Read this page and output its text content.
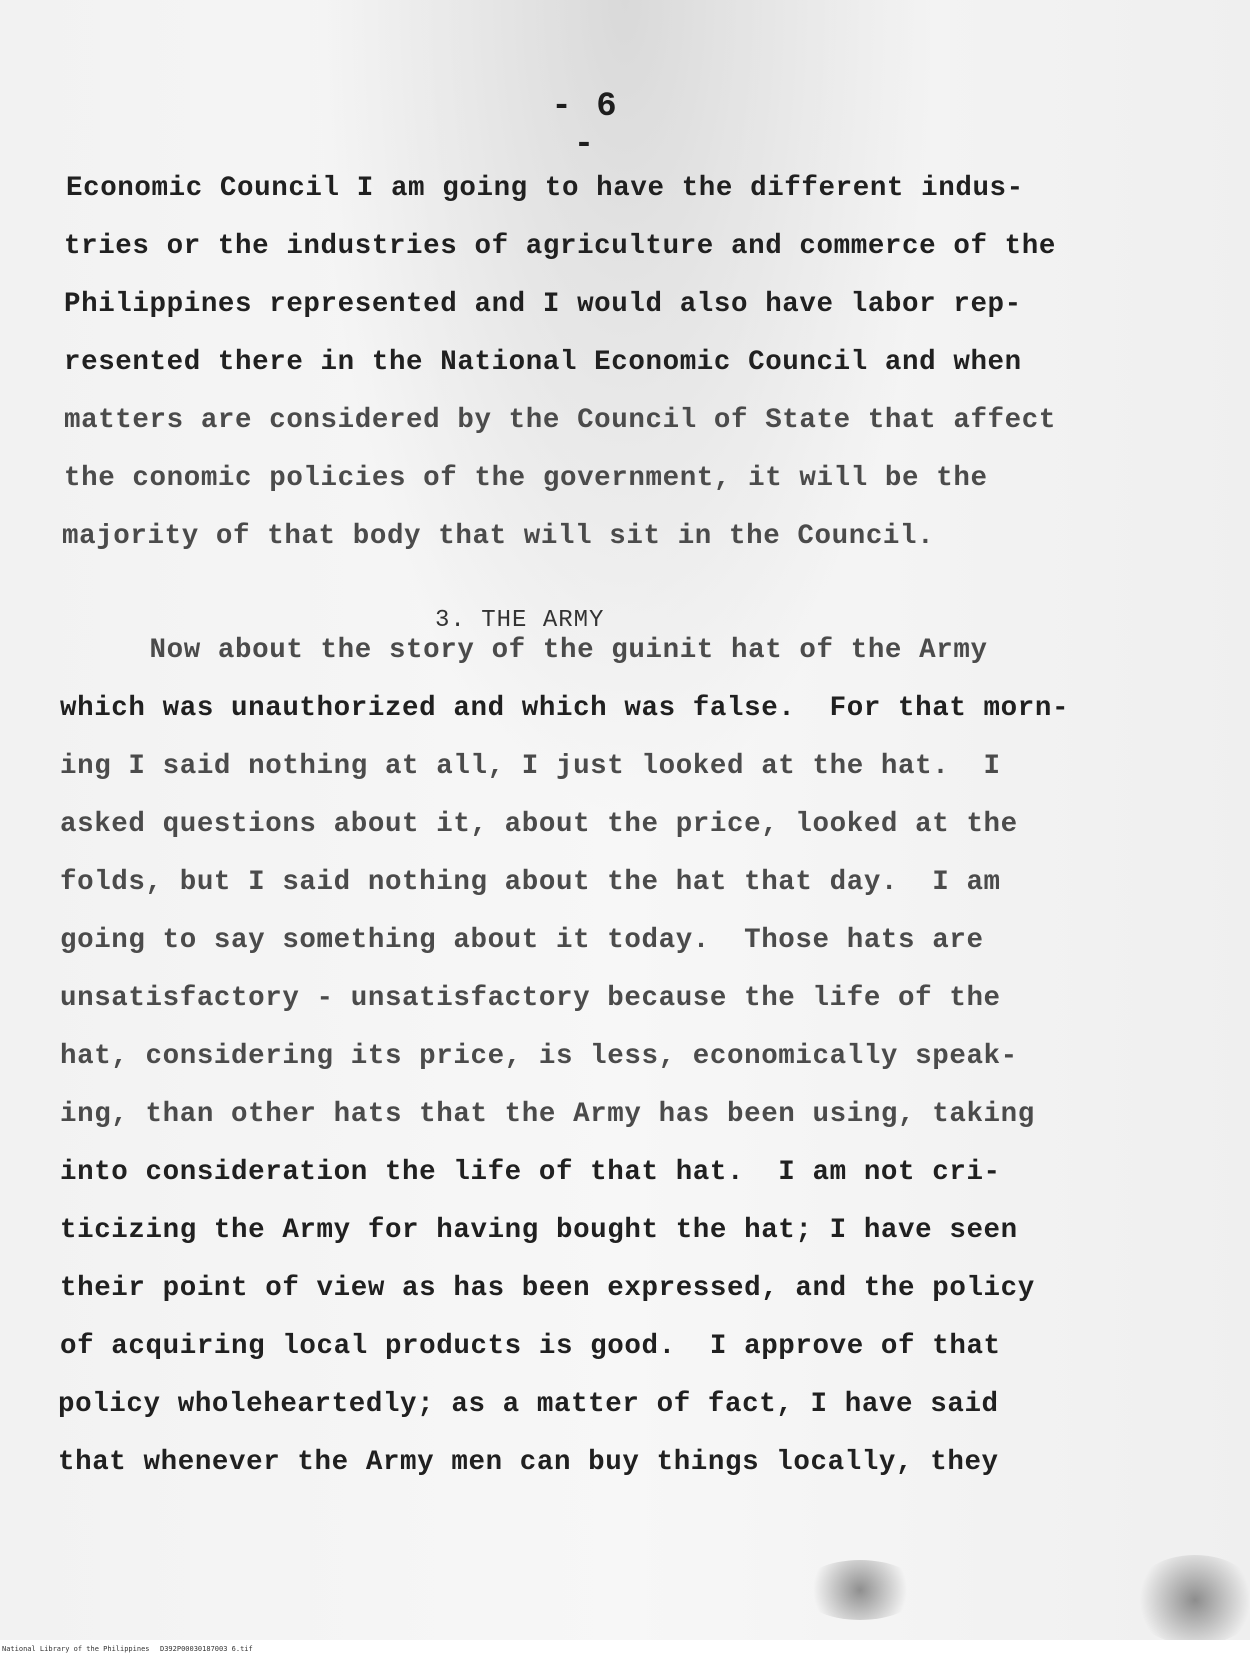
- 6 -
Economic Council I am going to have the different indus-
tries or the industries of agriculture and commerce of the
Philippines represented and I would also have labor rep-
resented there in the National Economic Council and when
matters are considered by the Council of State that affect
the conomic policies of the government, it will be the
majority of that body that will sit in the Council.
3. THE ARMY
Now about the story of the guinit hat of the Army
which was unauthorized and which was false.  For that morn-
ing I said nothing at all, I just looked at the hat.  I
asked questions about it, about the price, looked at the
folds, but I said nothing about the hat that day.  I am
going to say something about it today.  Those hats are
unsatisfactory - unsatisfactory because the life of the
hat, considering its price, is less, economically speak-
ing, than other hats that the Army has been using, taking
into consideration the life of that hat.  I am not cri-
ticizing the Army for having bought the hat; I have seen
their point of view as has been expressed, and the policy
of acquiring local products is good.  I approve of that
policy wholeheartedly; as a matter of fact, I have said
that whenever the Army men can buy things locally, they
National Library of the Philippines D392P00030187003 6.tif
